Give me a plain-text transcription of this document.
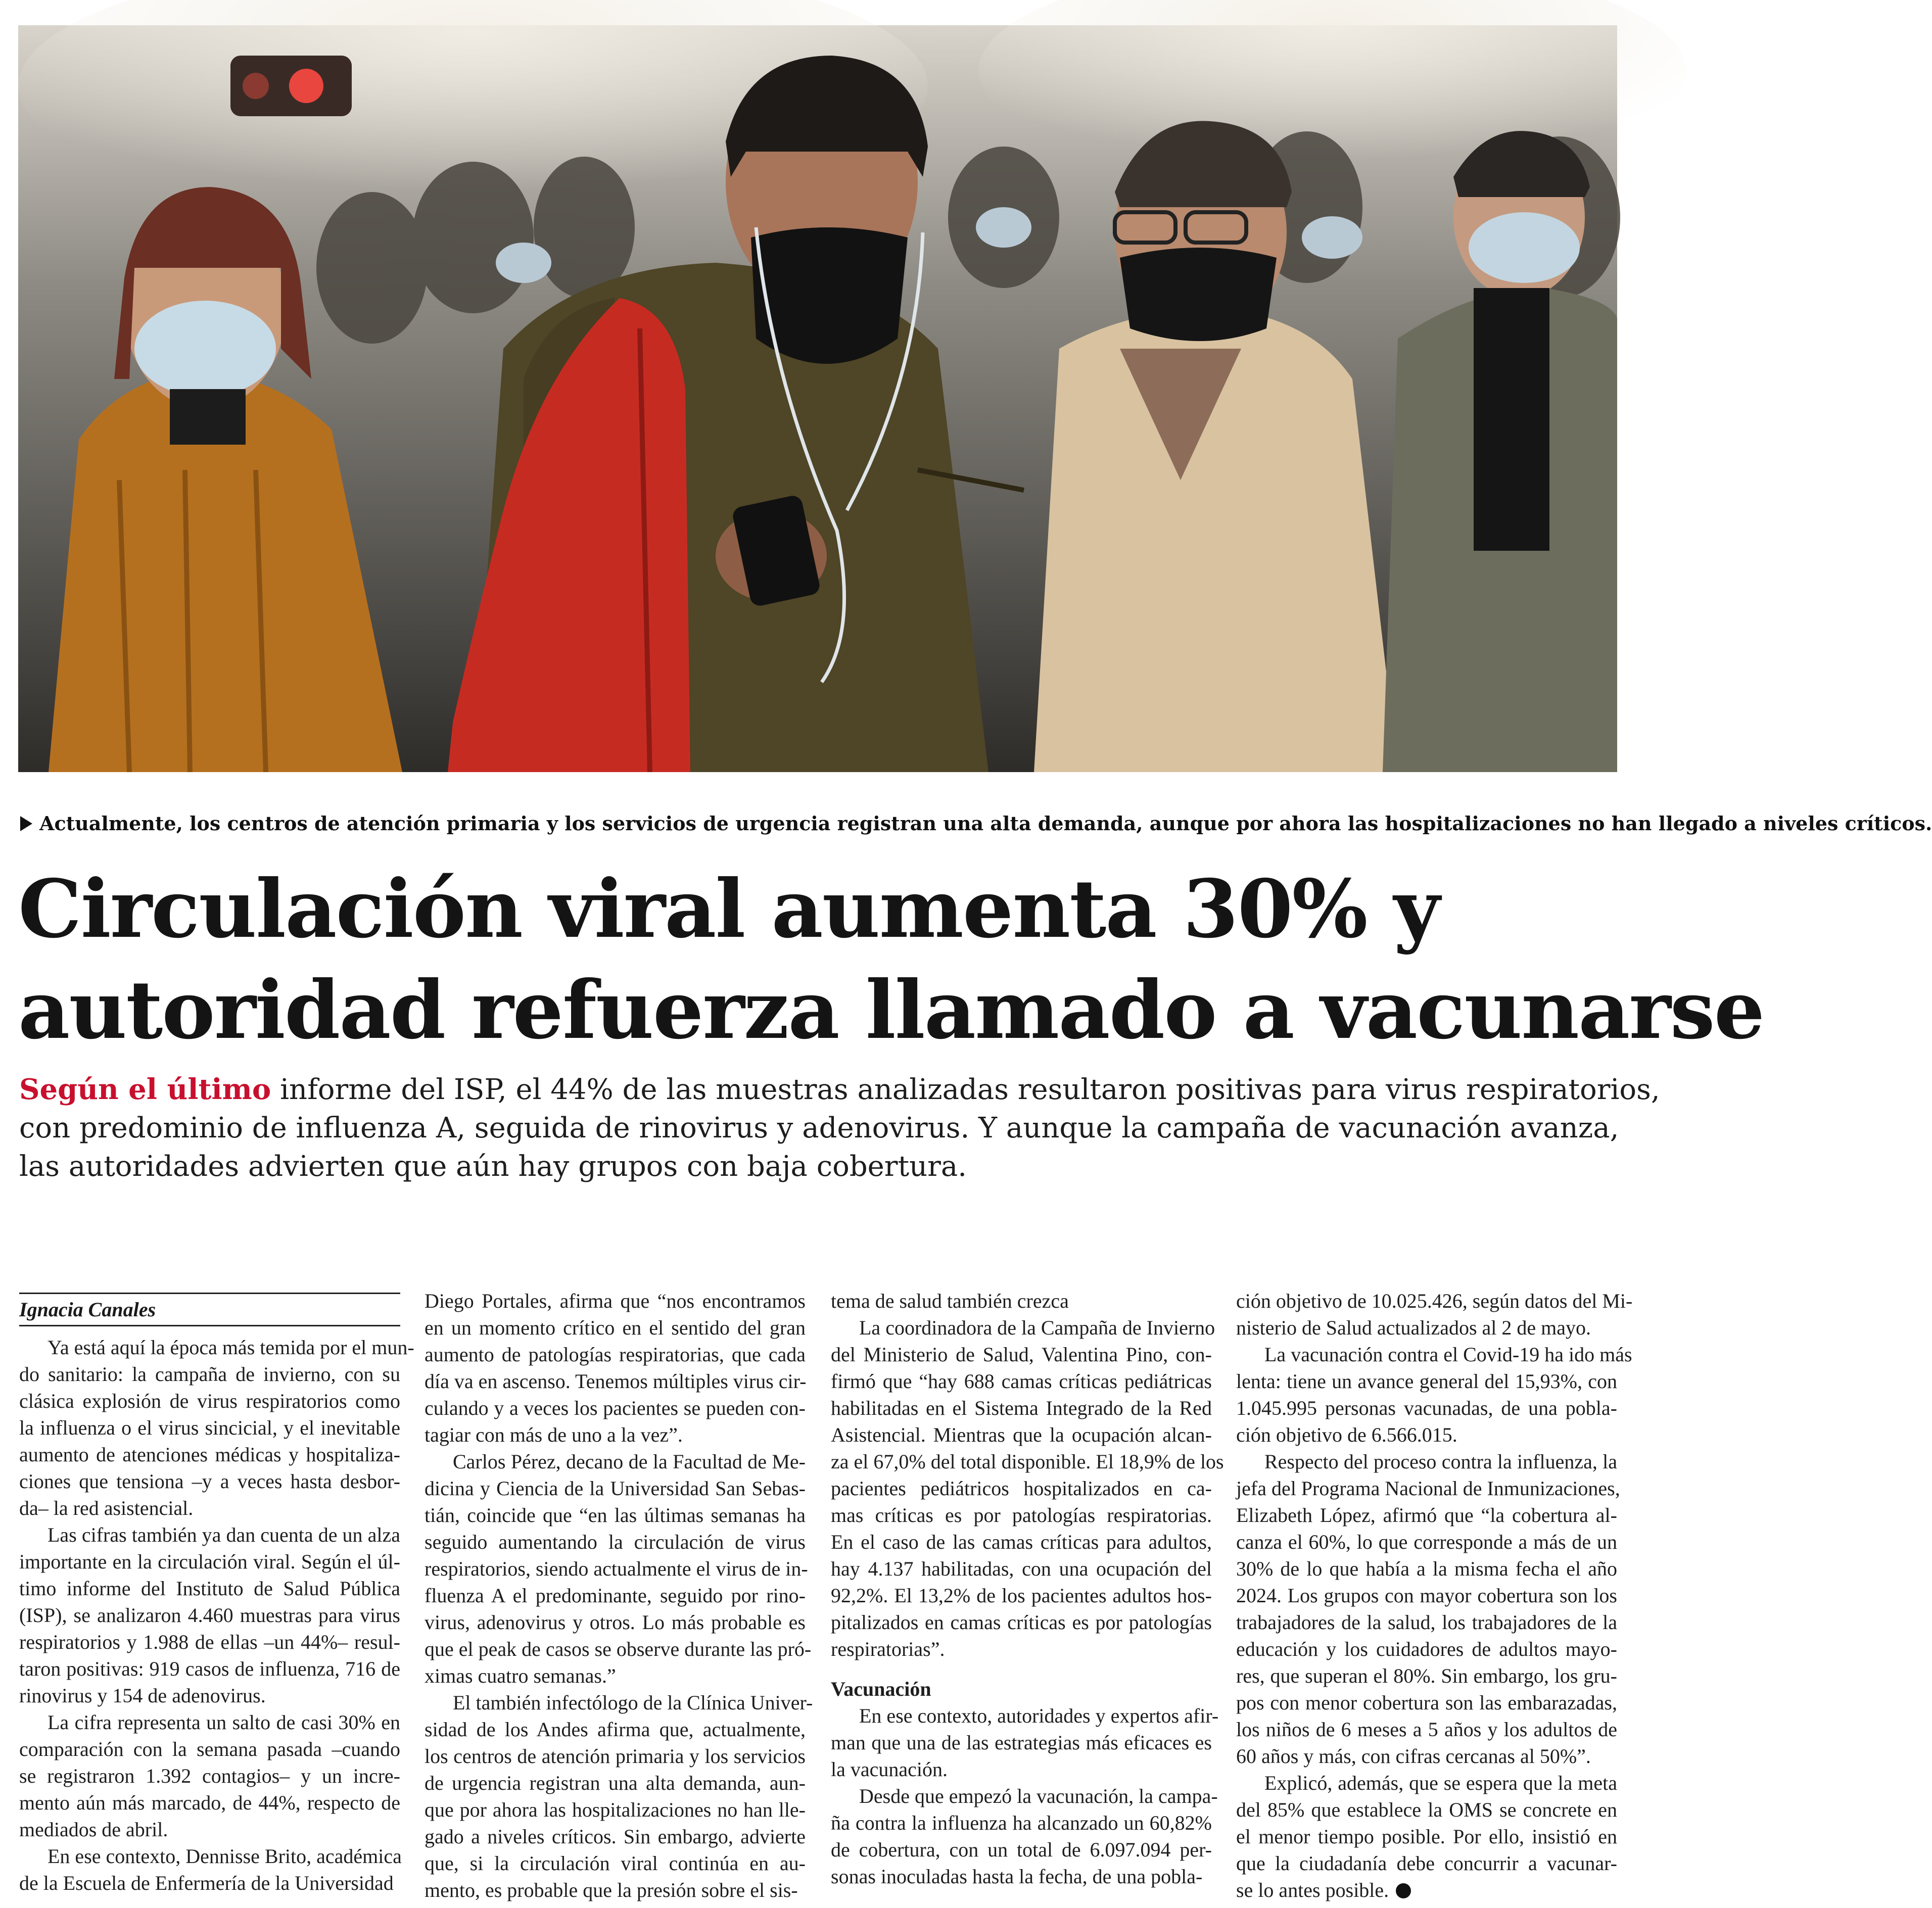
Actualmente, los centros de atención primaria y los servicios de urgencia registran una alta demanda, aunque por ahora las hospitalizaciones no han llegado a niveles críticos.
Circulación viral aumenta 30% y
autoridad refuerza llamado a vacunarse
Según el último informe del ISP, el 44% de las muestras analizadas resultaron positivas para virus respiratorios,
con predominio de influenza A, seguida de rinovirus y adenovirus. Y aunque la campaña de vacunación avanza,
las autoridades advierten que aún hay grupos con baja cobertura.
Ignacia Canales
Ya está aquí la época más temida por el mun-
do sanitario: la campaña de invierno, con su
clásica explosión de virus respiratorios como
la influenza o el virus sincicial, y el inevitable
aumento de atenciones médicas y hospitaliza-
ciones que tensiona –y a veces hasta desbor-
da– la red asistencial.
Las cifras también ya dan cuenta de un alza
importante en la circulación viral. Según el úl-
timo informe del Instituto de Salud Pública
(ISP), se analizaron 4.460 muestras para virus
respiratorios y 1.988 de ellas –un 44%– resul-
taron positivas: 919 casos de influenza, 716 de
rinovirus y 154 de adenovirus.
La cifra representa un salto de casi 30% en
comparación con la semana pasada –cuando
se registraron 1.392 contagios– y un incre-
mento aún más marcado, de 44%, respecto de
mediados de abril.
En ese contexto, Dennisse Brito, académica
de la Escuela de Enfermería de la Universidad
Diego Portales, afirma que “nos encontramos
en un momento crítico en el sentido del gran
aumento de patologías respiratorias, que cada
día va en ascenso. Tenemos múltiples virus cir-
culando y a veces los pacientes se pueden con-
tagiar con más de uno a la vez”.
Carlos Pérez, decano de la Facultad de Me-
dicina y Ciencia de la Universidad San Sebas-
tián, coincide que “en las últimas semanas ha
seguido aumentando la circulación de virus
respiratorios, siendo actualmente el virus de in-
fluenza A el predominante, seguido por rino-
virus, adenovirus y otros. Lo más probable es
que el peak de casos se observe durante las pró-
ximas cuatro semanas.”
El también infectólogo de la Clínica Univer-
sidad de los Andes afirma que, actualmente,
los centros de atención primaria y los servicios
de urgencia registran una alta demanda, aun-
que por ahora las hospitalizaciones no han lle-
gado a niveles críticos. Sin embargo, advierte
que, si la circulación viral continúa en au-
mento, es probable que la presión sobre el sis-
tema de salud también crezca
La coordinadora de la Campaña de Invierno
del Ministerio de Salud, Valentina Pino, con-
firmó que “hay 688 camas críticas pediátricas
habilitadas en el Sistema Integrado de la Red
Asistencial. Mientras que la ocupación alcan-
za el 67,0% del total disponible. El 18,9% de los
pacientes pediátricos hospitalizados en ca-
mas críticas es por patologías respiratorias.
En el caso de las camas críticas para adultos,
hay 4.137 habilitadas, con una ocupación del
92,2%. El 13,2% de los pacientes adultos hos-
pitalizados en camas críticas es por patologías
respiratorias”.
Vacunación
En ese contexto, autoridades y expertos afir-
man que una de las estrategias más eficaces es
la vacunación.
Desde que empezó la vacunación, la campa-
ña contra la influenza ha alcanzado un 60,82%
de cobertura, con un total de 6.097.094 per-
sonas inoculadas hasta la fecha, de una pobla-
ción objetivo de 10.025.426, según datos del Mi-
nisterio de Salud actualizados al 2 de mayo.
La vacunación contra el Covid-19 ha ido más
lenta: tiene un avance general del 15,93%, con
1.045.995 personas vacunadas, de una pobla-
ción objetivo de 6.566.015.
Respecto del proceso contra la influenza, la
jefa del Programa Nacional de Inmunizaciones,
Elizabeth López, afirmó que “la cobertura al-
canza el 60%, lo que corresponde a más de un
30% de lo que había a la misma fecha el año
2024. Los grupos con mayor cobertura son los
trabajadores de la salud, los trabajadores de la
educación y los cuidadores de adultos mayo-
res, que superan el 80%. Sin embargo, los gru-
pos con menor cobertura son las embarazadas,
los niños de 6 meses a 5 años y los adultos de
60 años y más, con cifras cercanas al 50%”.
Explicó, además, que se espera que la meta
del 85% que establece la OMS se concrete en
el menor tiempo posible. Por ello, insistió en
que la ciudadanía debe concurrir a vacunar-
se lo antes posible.
